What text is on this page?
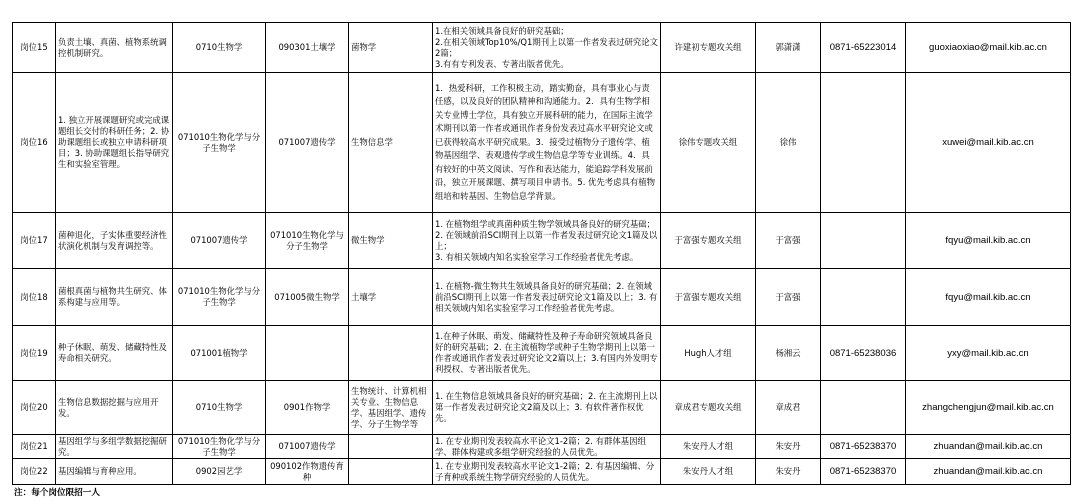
岗位15	负责土壤、真菌、植物系统调控机制研究。	0710生物学	090301土壤学	菌物学	1.在相关领域具备良好的研究基础；
2.在相关领域Top10%/Q1期刊上以第一作者发表过研究论文2篇；
3.有有专利发表、专著出版者优先。	许建初专题攻关组	郭潇潇	0871-65223014	guoxiaoxiao@mail.kib.ac.cn
岗位16	1. 独立开展课题研究或完成课题组长交付的科研任务；2. 协助课题组长或独立申请科研项目；3. 协助课题组长指导研究生和实验室管理。	071010生物化学与分子生物学	071007遗传学	生物信息学	1．热爱科研，工作积极主动，踏实勤奋，具有事业心与责任感，以及良好的团队精神和沟通能力。2．具有生物学相关专业博士学位，具有独立开展科研的能力，在国际主流学术期刊以第一作者或通讯作者身份发表过高水平研究论文或已获得较高水平研究成果。3．接受过植物分子遗传学、植物基因组学、表观遗传学或生物信息学等专业训练。4．具有较好的中英文阅读、写作和表达能力，能追踪学科发展前沿，独立开展课题、撰写项目申请书。5. 优先考虑具有植物组培和转基因、生物信息学背景。	徐伟专题攻关组	徐伟		xuwei@mail.kib.ac.cn
岗位17	菌种退化，子实体重要经济性状演化机制与发育调控等。	071007遗传学	071010生物化学与分子生物学	微生物学	1. 在植物组学或真菌种质生物学领域具备良好的研究基础；2. 在领域前沿SCI期刊上以第一作者发表过研究论文1篇及以上；
3. 有相关领域内知名实验室学习工作经验者优先考虑。	于富强专题攻关组	于富强		fqyu@mail.kib.ac.cn
岗位18	菌根真菌与植物共生研究、体系构建与应用等。	071010生物化学与分子生物学	071005微生物学	土壤学	1. 在植物-微生物共生领域具备良好的研究基础；2. 在领域前沿SCI期刊上以第一作者发表过研究论文1篇及以上；3. 有相关领域内知名实验室学习工作经验者优先考虑。	于富强专题攻关组	于富强		fqyu@mail.kib.ac.cn
岗位19	种子休眠、萌发、储藏特性及寿命相关研究。	071001植物学			1.在种子休眠、萌发、储藏特性及种子寿命研究领域具备良好的研究基础；2. 在主流植物学或种子生物学期刊上以第一作者或通讯作者发表过研究论文2篇以上；3.有国内外发明专利授权、专著出版者优先。	Hugh人才组	杨湘云	0871-65238036	yxy@mail.kib.ac.cn
岗位20	生物信息数据挖掘与应用开发。	0710生物学	0901作物学	生物统计、计算机相关专业、生物信息学、基因组学、遗传学、分子生物学等	1. 在生物信息领域具备良好的研究基础；2. 在主流期刊上以第一作者发表过研究论文2篇及以上；3. 有软件著作权优先。	章成君专题攻关组	章成君		zhangchengjun@mail.kib.ac.cn
岗位21	基因组学与多组学数据挖掘研究。	071010生物化学与分子生物学	071007遗传学		1. 在专业期刊发表较高水平论文1-2篇；2. 有群体基因组学、群体构建或多组学研究经验的人员优先。	朱安丹人才组	朱安丹	0871-65238370	zhuandan@mail.kib.ac.cn
岗位22	基因编辑与育种应用。	0902园艺学	090102作物遗传育种		1. 在专业期刊发表较高水平论文1-2篇；2. 有基因编辑、分子育种或系统生物学研究经验的人员优先。	朱安丹人才组	朱安丹	0871-65238370	zhuandan@mail.kib.ac.cn
注：每个岗位限招一人
